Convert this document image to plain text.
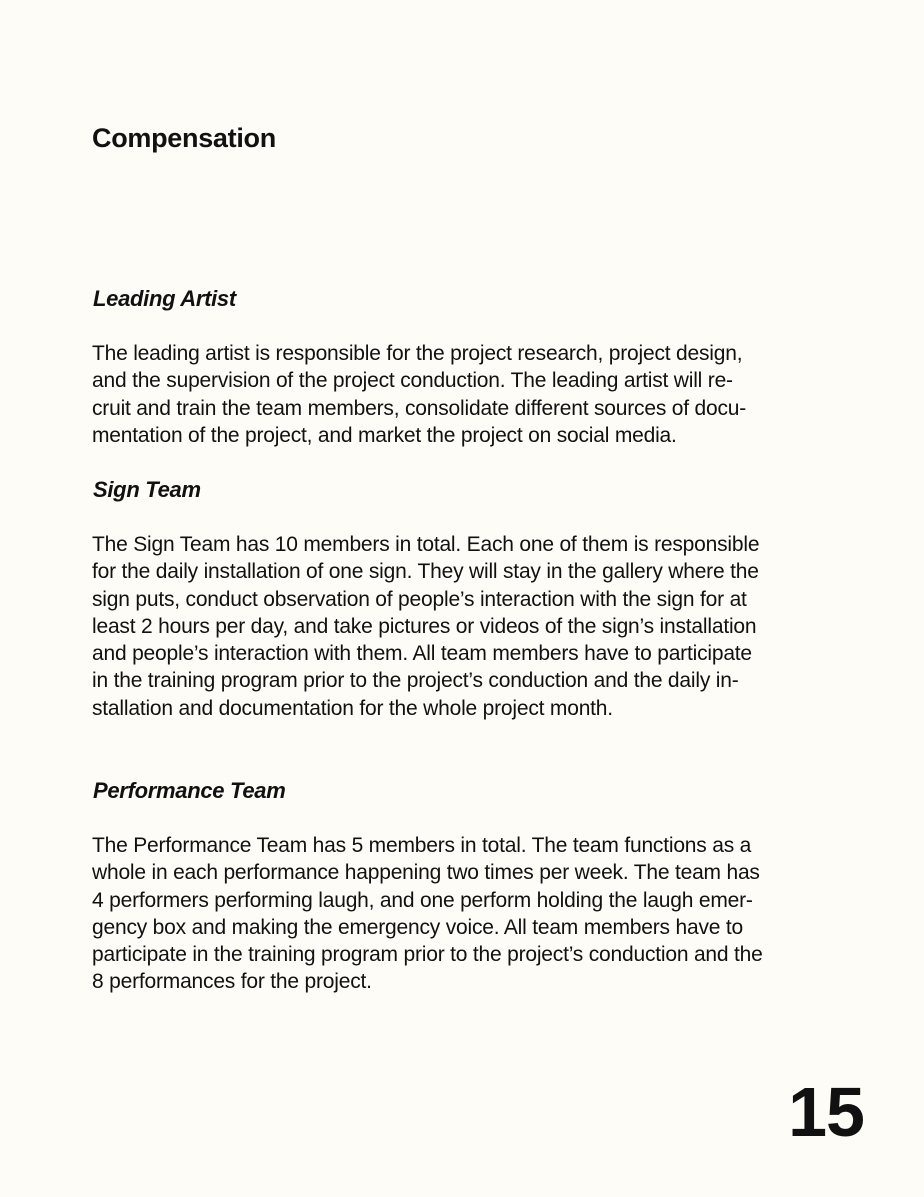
Compensation
Leading Artist

The leading artist is responsible for the project research, project design,
and the supervision of the project conduction. The leading artist will re-
cruit and train the team members, consolidate different sources of docu-
mentation of the project, and market the project on social media.

Sign Team

The Sign Team has 10 members in total. Each one of them is responsible
for the daily installation of one sign. They will stay in the gallery where the
sign puts, conduct observation of people’s interaction with the sign for at
least 2 hours per day, and take pictures or videos of the sign’s installation
and people’s interaction with them. All team members have to participate
in the training program prior to the project’s conduction and the daily in-
stallation and documentation for the whole project month.

Performance Team

The Performance Team has 5 members in total. The team functions as a
whole in each performance happening two times per week. The team has
4 performers performing laugh, and one perform holding the laugh emer-
gency box and making the emergency voice. All team members have to
participate in the training program prior to the project’s conduction and the
8 performances for the project.

15
